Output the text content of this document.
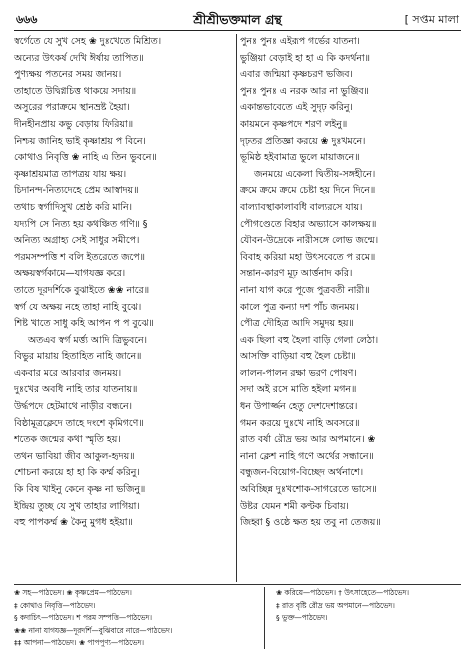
৬৬৬	শ্রীশ্রীভক্তমাল গ্রন্থ	[ সপ্তম মালা
স্বর্গেতে যে সুখ সেহ ❀ দুঃখেতে মিশ্রিত।
অন্যের উৎকর্ষ দেখি ঈর্ষায় তাপিত॥
পুণ্যক্ষয় পতনের সময় জানয়।
তাহাতে উদ্বিগ্নচিত্ত থাকয়ে সদায়॥
অসুরের পরাক্রমে স্থানভ্রষ্ট হৈয়া।
দীনহীনপ্রায় কভু বেড়ায় ফিরিয়া॥
নিশ্চয় জানিহ ভাই কৃষ্ণাশ্রয় প বিনে।
কোথাও নিবৃত্তি ❀ নাহি এ তিন ভুবনে॥
কৃষ্ণাশ্রয়মাত্র তাপত্রয় যায় ক্ষয়।
চিদানন্দ-নিত্যদেহে প্রেম আস্বাদয়॥
তথাচ স্বর্গাদিসুখ শ্রেষ্ঠ করি মানি।
যদ্যপি সে নিত্য হয় কথঞ্চিত গণি॥ §
অনিত্য অগ্রাহ্য সেই সাধুর সমীপে।
পরমসম্পত্তি শ বলি ইতরেতে জপে॥
অক্ষয়স্বর্গকামে—যাগযজ্ঞ করে।
তাতে দূরদর্শিকে বুঝাইতে ❀❀ নারে॥
স্বর্গ যে অক্ষয় নহে তাহা নাহি বুঝে।
শিষ্ট খাতে সাধু কহি আপন প প বুঝে॥
অতএব স্বর্গ মর্ত্ত্য আদি ত্রিভুবনে।
বিভুর মায়ায় হিতাহিত নাহি জানে॥
একবার মরে আরবার জনময়।
দুঃখের অবধি নাহি তার যাতনায়॥
উর্দ্ধপদে হেটমাথে নাড়ীর বন্ধনে।
বিষ্ঠামূত্রক্লেদে তাহে দংশে কৃমিগণে॥
শতেক জন্মের কথা স্মৃতি হয়।
তথন ভাবিয়া জীব আকুল-হৃদয়॥
শোচনা করয়ে হা হা কি কর্ম্ম করিনু।
কি বিষ খাইনু কেনে কৃষ্ণ না ভজিনু॥
ইন্দ্রিয় তুচ্ছ যে সুখ তাহার লাগিয়া।
বহু পাপকর্ম্ম ❀ কৈনু মুগধ হইয়া॥
পুনঃ পুনঃ এইরূপ গর্ভের যাতনা।
ভুঞ্জিয়া বেড়াই হা হা এ কি কদর্থনা॥
এবার জন্মিয়া কৃষ্ণচরণ ভজিব।
পুনঃ পুনঃ এ নরক আর না ভুঞ্জিব॥
একান্তভাবেতে এই সুদৃঢ় করিনু।
কায়মনে কৃষ্ণপদে শরণ লইনু॥
দৃঢ়তর প্রতিজ্ঞা করয়ে ❀ দুঃখমনে।
ভূমিষ্ঠ হইবামাত্র ভুলে মায়াজনে॥
জনময়ে একেলা দ্বিতীয়-সঙ্গহীনে।
ক্রমে ক্রমে ক্রমে চেষ্টা হয় দিনে দিনে॥
বাল্যাবস্থাকালাবধি বাল্যরসে যায়।
পৌগণ্ডেতে বিহার অভ্যাসে কালক্ষয়॥
যৌবন-উদ্রেকে নারীসঙ্গে লোভ জন্মে।
বিবাহ করিয়া মহা উৎসবেতে প রমে॥
সন্তান-কারণ মূঢ় আর্ত্তনাদ করি।
নানা যাগ করে পূজে পুত্রবতী নারী॥
কালে পুত্র কন্যা দশ পাঁচ জনময়।
পৌত্র দৌহিত্র আদি সমুদয় হয়॥
এক ছিলা বহু হৈলা বাড়ি গেলা লেঠা।
আসক্তি বাড়িয়া বহু হৈল চেষ্টা॥
লালন-পালন রক্ষা ভরণ পোষণ।
সদা অই রসে মাতি হইলা মগন॥
ধন উপার্জ্জন হেতু দেশদেশান্তরে।
গমন করয়ে দুঃখে নাহি অবসরে॥
রাত বর্ষা রৌদ্র ভয় আর অপমানে। ❀
নানা ক্লেশ নাহি গণে অর্থের সন্ধানে॥
বন্ধুজন-বিয়োগ-বিচ্ছেদ অর্থনাশে।
অবিচ্ছিন্ন দুঃখশোক-সাগরেতে ভাসে॥
উষ্টর যেমন শমী কণ্টক চিবায়।
জিহ্বা § ওষ্ঠে ক্ষত হয় তবু না তেজয়॥
❀ সহ—পাঠভেদ। ❀ কৃষ্ণপ্রেম—পাঠভেদ।
‡ কোথাও নিবৃত্তি—পাঠভেদ।
§ কদাচিৎ—পাঠভেদ। শ পরম সম্পত্তি—পাঠভেদ।
❀❀ নানা যাগযজ্ঞ—দূরদর্শি—বুঝিবারে নারে—পাঠভেদ।
‡‡ আপনা—পাঠভেদ। ❀ পাপপুণ্য—পাঠভেদ।
❀ করিয়ে—পাঠভেদ। † উৎসাহেতে—পাঠভেদ।
‡ রাত বৃষ্টি রৌদ্র ভয় অপমানে—পাঠভেদ।
§ ভুক্ত—পাঠভেদ।
